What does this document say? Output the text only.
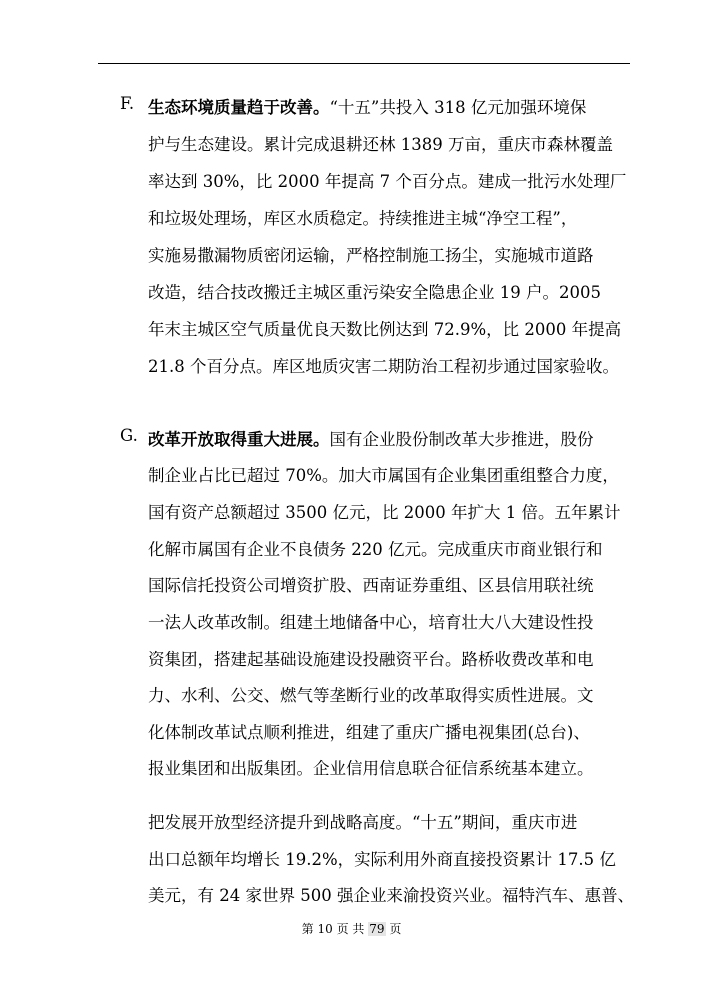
F. 生态环境质量趋于改善。“十五”共投入 318 亿元加强环境保
护与生态建设。累计完成退耕还林 1389 万亩，重庆市森林覆盖
率达到 30%，比 2000 年提高 7 个百分点。建成一批污水处理厂
和垃圾处理场，库区水质稳定。持续推进主城“净空工程”，
实施易撒漏物质密闭运输，严格控制施工扬尘，实施城市道路
改造，结合技改搬迁主城区重污染安全隐患企业 19 户。2005
年末主城区空气质量优良天数比例达到 72.9%，比 2000 年提高
21.8 个百分点。库区地质灾害二期防治工程初步通过国家验收。
G. 改革开放取得重大进展。国有企业股份制改革大步推进，股份
制企业占比已超过 70%。加大市属国有企业集团重组整合力度，
国有资产总额超过 3500 亿元，比 2000 年扩大 1 倍。五年累计
化解市属国有企业不良债务 220 亿元。完成重庆市商业银行和
国际信托投资公司增资扩股、西南证券重组、区县信用联社统
一法人改革改制。组建土地储备中心，培育壮大八大建设性投
资集团，搭建起基础设施建设投融资平台。路桥收费改革和电
力、水利、公交、燃气等垄断行业的改革取得实质性进展。文
化体制改革试点顺利推进，组建了重庆广播电视集团(总台)、
报业集团和出版集团。企业信用信息联合征信系统基本建立。
把发展开放型经济提升到战略高度。“十五”期间，重庆市进
出口总额年均增长 19.2%，实际利用外商直接投资累计 17.5 亿
美元，有 24 家世界 500 强企业来渝投资兴业。福特汽车、惠普、
第 10 页 共 79 页
